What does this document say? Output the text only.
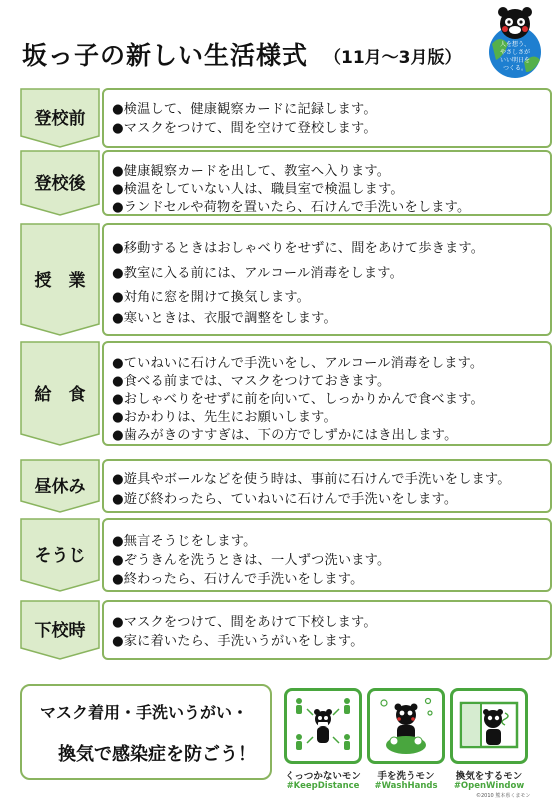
坂っ子の新しい生活様式 （11月～3月版）
人を想う、
やさしさが
いい明日を
つくる。
登校前	●検温して、健康観察カードに記録します。
●マスクをつけて、間を空けて登校します。
登校後
●健康観察カードを出して、教室へ入ります。
●検温をしていない人は、職員室で検温します。
●ランドセルや荷物を置いたら、石けんで手洗いをします。
授　業
●移動するときはおしゃべりをせずに、間をあけて歩きます。
●教室に入る前には、アルコール消毒をします。
●対角に窓を開けて換気します。
●寒いときは、衣服で調整をします。
給　食
●ていねいに石けんで手洗いをし、アルコール消毒をします。
●食べる前までは、マスクをつけておきます。
●おしゃべりをせずに前を向いて、しっかりかんで食べます。
●おかわりは、先生にお願いします。
●歯みがきのすすぎは、下の方でしずかにはき出します。
昼休み	●遊具やボールなどを使う時は、事前に石けんで手洗いをします。
●遊び終わったら、ていねいに石けんで手洗いをします。
そうじ
●無言そうじをします。
●ぞうきんを洗うときは、一人ずつ洗います。
●終わったら、石けんで手洗いをします。
下校時	●マスクをつけて、間をあけて下校します。
●家に着いたら、手洗いうがいをします。
マスク着用・手洗いうがい・
換気で感染症を防ごう！
くっつかないモン
#KeepDistance
手を洗うモン
#WashHands
換気をするモン
#OpenWindow
©2010 熊本県くまモン
